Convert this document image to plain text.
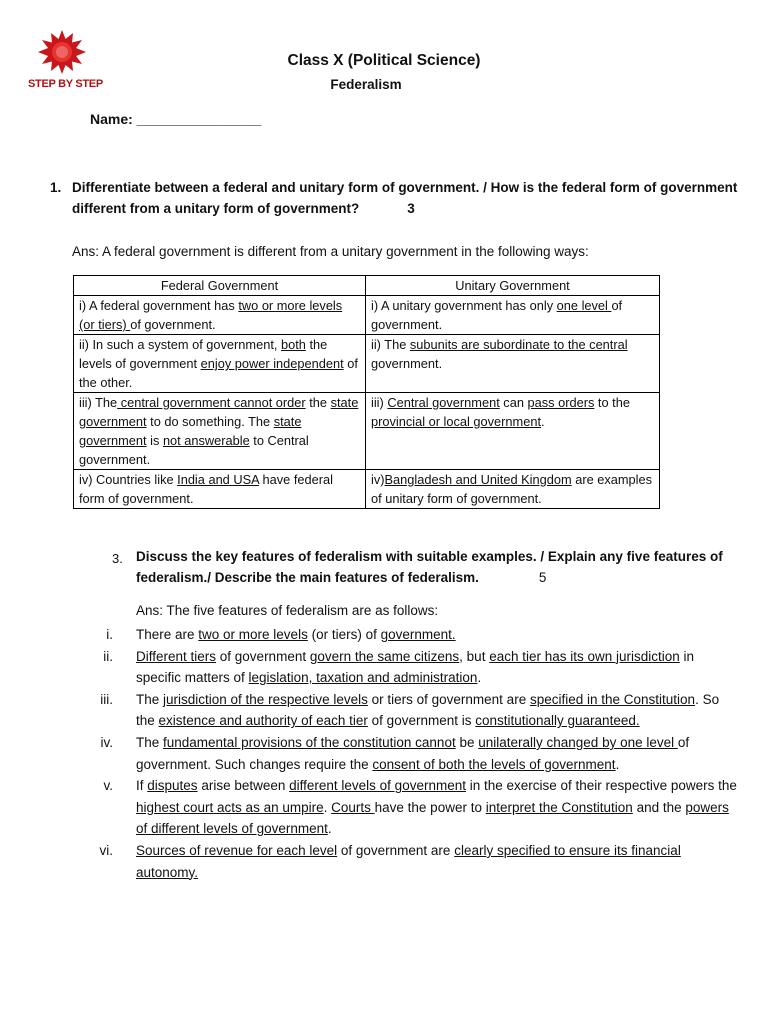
STEP BY STEP
Class X (Political Science)
Federalism
Name: ________________
1. Differentiate between a federal and unitary form of government. / How is the federal form of government different from a unitary form of government?	3
Ans: A federal government is different from a unitary government in the following ways:
Federal Government	Unitary Government
i) A federal government has two or more levels (or tiers) of government.	i) A unitary government has only one level of government.
ii) In such a system of government, both the levels of government enjoy power independent of the other.	ii) The subunits are subordinate to the central government.
iii) The central government cannot order the state government to do something. The state government is not answerable to Central government.	iii) Central government can pass orders to the provincial or local government.
iv) Countries like India and USA have federal form of government.	iv)Bangladesh and United Kingdom are examples of unitary form of government.
3. Discuss the key features of federalism with suitable examples. / Explain any five features of federalism./ Describe the main features of federalism.	5
Ans: The five features of federalism are as follows:
i. There are two or more levels (or tiers) of government.
ii. Different tiers of government govern the same citizens, but each tier has its own jurisdiction in specific matters of legislation, taxation and administration.
iii. The jurisdiction of the respective levels or tiers of government are specified in the Constitution. So the existence and authority of each tier of government is constitutionally guaranteed.
iv. The fundamental provisions of the constitution cannot be unilaterally changed by one level of government. Such changes require the consent of both the levels of government.
v. If disputes arise between different levels of government in the exercise of their respective powers the highest court acts as an umpire. Courts have the power to interpret the Constitution and the powers of different levels of government.
vi. Sources of revenue for each level of government are clearly specified to ensure its financial autonomy.
